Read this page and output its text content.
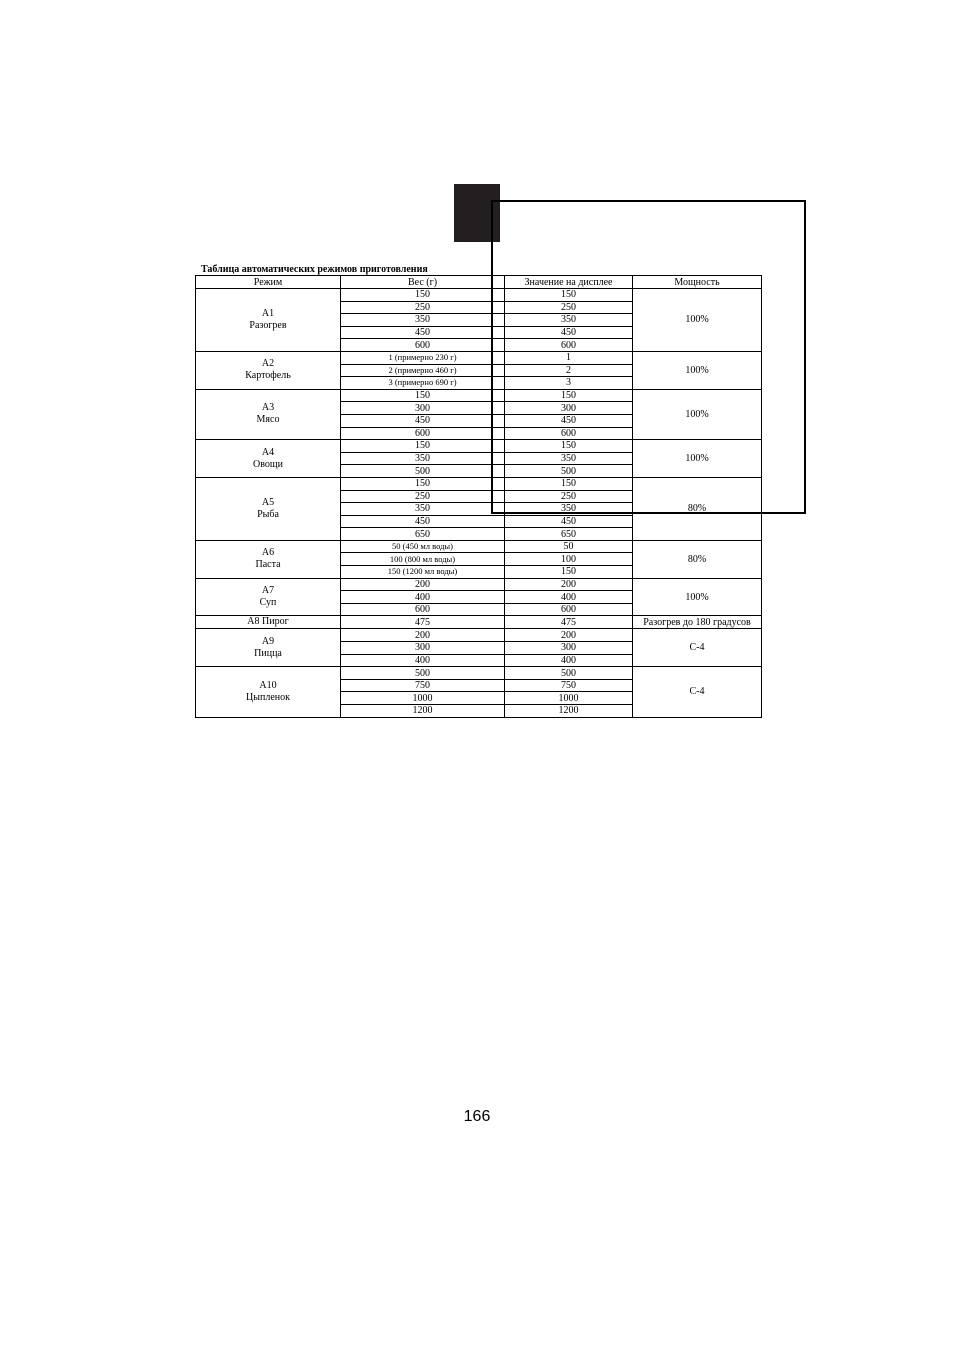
Таблица автоматических режимов приготовления
Режим	Вес (г)	Значение на дисплее	Мощность

A1
Разогрев	150	150	100%
	250	250	
	350	350	
	450	450	
	600	600	

A2
Картофель	1 (примерно 230 г)	1	100%
	2 (примерно 460 г)	2	
	3 (примерно 690 г)	3	

A3
Мясо	150	150	100%
	300	300	
	450	450	
	600	600	

A4
Овощи	150	150	100%
	350	350	
	500	500	

A5
Рыба	150	150	80%
	250	250	
	350	350	
	450	450	
	650	650	

A6
Паста	50 (450 мл воды)	50	80%
	100 (800 мл воды)	100	
	150 (1200 мл воды)	150	

A7
Суп	200	200	100%
	400	400	
	600	600	

A8 Пирог	475	475	Разогрев до 180 градусов

A9
Пицца	200	200	С-4
	300	300	
	400	400	

A10
Цыпленок	500	500	С-4
	750	750	
	1000	1000	
	1200	1200	
166
